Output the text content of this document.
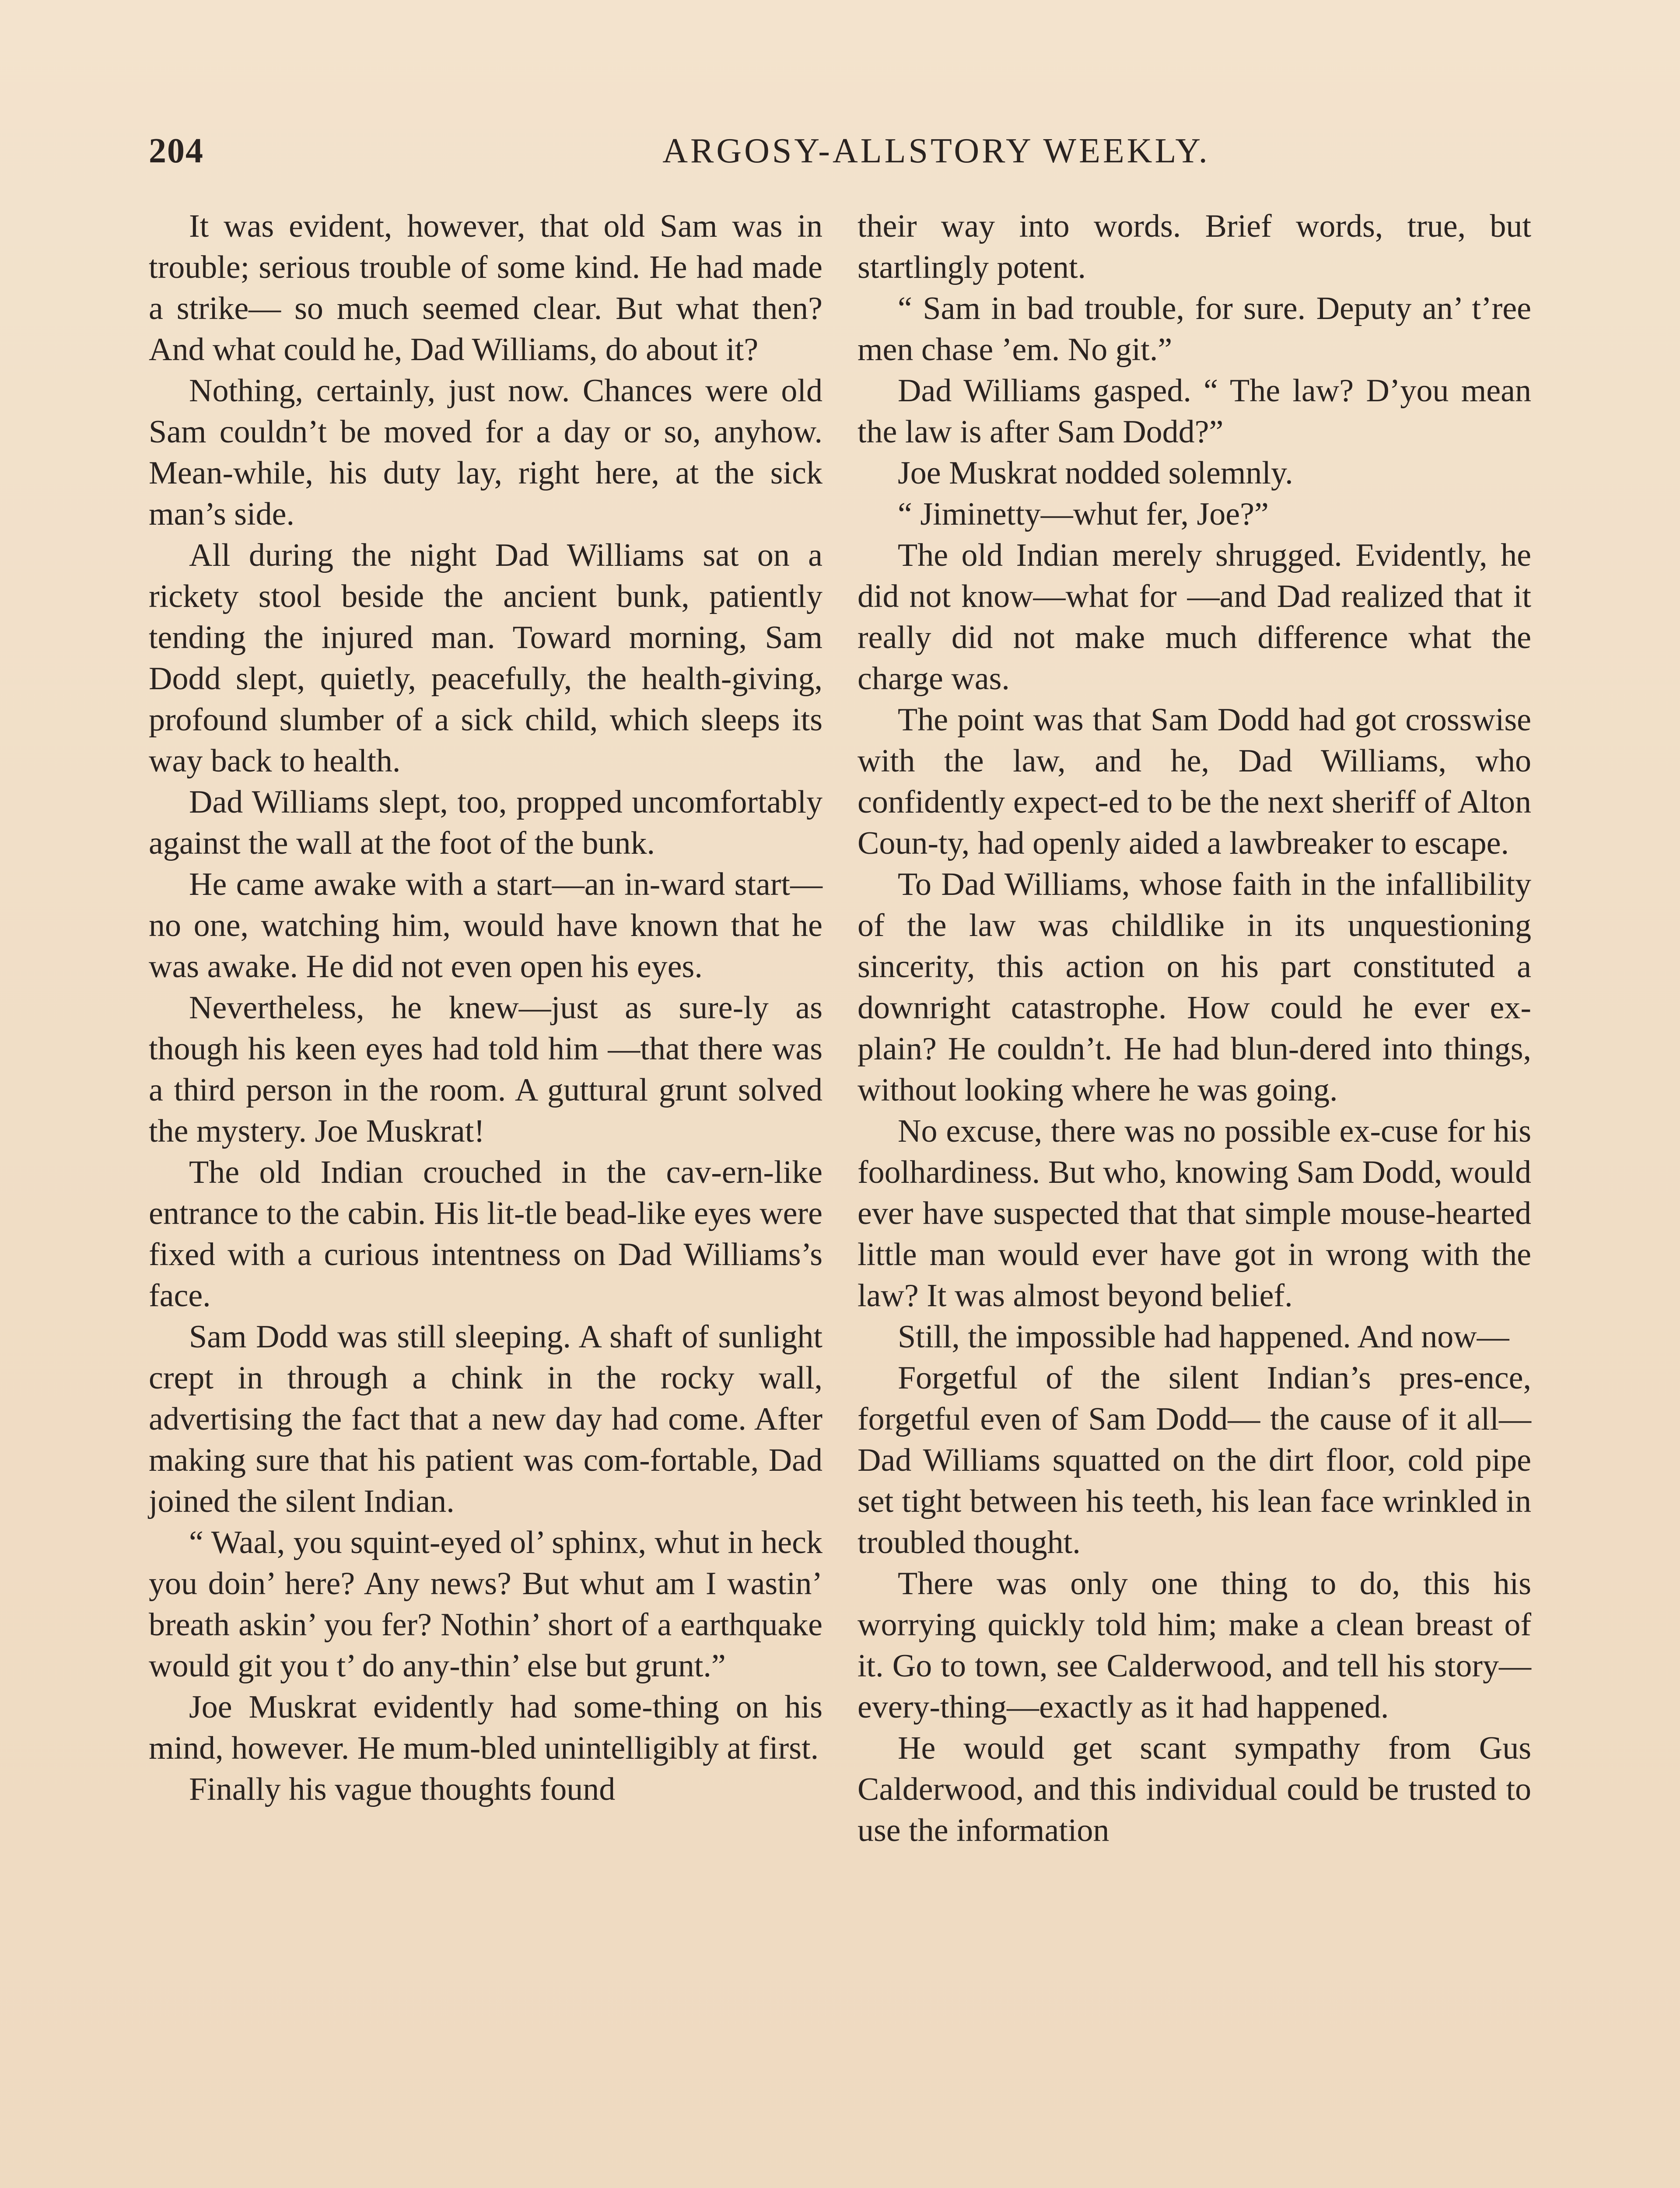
204	ARGOSY-ALLSTORY WEEKLY.

It was evident, however, that old Sam was in trouble; serious trouble of some kind. He had made a strike— so much seemed clear. But what then? And what could he, Dad Williams, do about it?

Nothing, certainly, just now. Chances were old Sam couldn’t be moved for a day or so, anyhow. Mean-while, his duty lay, right here, at the sick man’s side.

All during the night Dad Williams sat on a rickety stool beside the ancient bunk, patiently tending the injured man. Toward morning, Sam Dodd slept, quietly, peacefully, the health-giving, profound slumber of a sick child, which sleeps its way back to health.

Dad Williams slept, too, propped uncomfortably against the wall at the foot of the bunk.

He came awake with a start—an in-ward start—no one, watching him, would have known that he was awake. He did not even open his eyes.

Nevertheless, he knew—just as sure-ly as though his keen eyes had told him —that there was a third person in the room. A guttural grunt solved the mystery. Joe Muskrat!

The old Indian crouched in the cav-ern-like entrance to the cabin. His lit-tle bead-like eyes were fixed with a curious intentness on Dad Williams’s face.

Sam Dodd was still sleeping. A shaft of sunlight crept in through a chink in the rocky wall, advertising the fact that a new day had come. After making sure that his patient was com-fortable, Dad joined the silent Indian.

“ Waal, you squint-eyed ol’ sphinx, whut in heck you doin’ here? Any news? But whut am I wastin’ breath askin’ you fer? Nothin’ short of a earthquake would git you t’ do any-thin’ else but grunt.”

Joe Muskrat evidently had some-thing on his mind, however. He mum-bled unintelligibly at first.

Finally his vague thoughts found

their way into words. Brief words, true, but startlingly potent.

“ Sam in bad trouble, for sure. Deputy an’ t’ree men chase ’em. No git.”

Dad Williams gasped. “ The law? D’you mean the law is after Sam Dodd?”

Joe Muskrat nodded solemnly.

“ Jiminetty—whut fer, Joe?”

The old Indian merely shrugged. Evidently, he did not know—what for —and Dad realized that it really did not make much difference what the charge was.

The point was that Sam Dodd had got crosswise with the law, and he, Dad Williams, who confidently expect-ed to be the next sheriff of Alton Coun-ty, had openly aided a lawbreaker to escape.

To Dad Williams, whose faith in the infallibility of the law was childlike in its unquestioning sincerity, this action on his part constituted a downright catastrophe. How could he ever ex-plain? He couldn’t. He had blun-dered into things, without looking where he was going.

No excuse, there was no possible ex-cuse for his foolhardiness. But who, knowing Sam Dodd, would ever have suspected that that simple mouse-hearted little man would ever have got in wrong with the law? It was almost beyond belief.

Still, the impossible had happened. And now—

Forgetful of the silent Indian’s pres-ence, forgetful even of Sam Dodd— the cause of it all—Dad Williams squatted on the dirt floor, cold pipe set tight between his teeth, his lean face wrinkled in troubled thought.

There was only one thing to do, this his worrying quickly told him; make a clean breast of it. Go to town, see Calderwood, and tell his story—every-thing—exactly as it had happened.

He would get scant sympathy from Gus Calderwood, and this individual could be trusted to use the information
